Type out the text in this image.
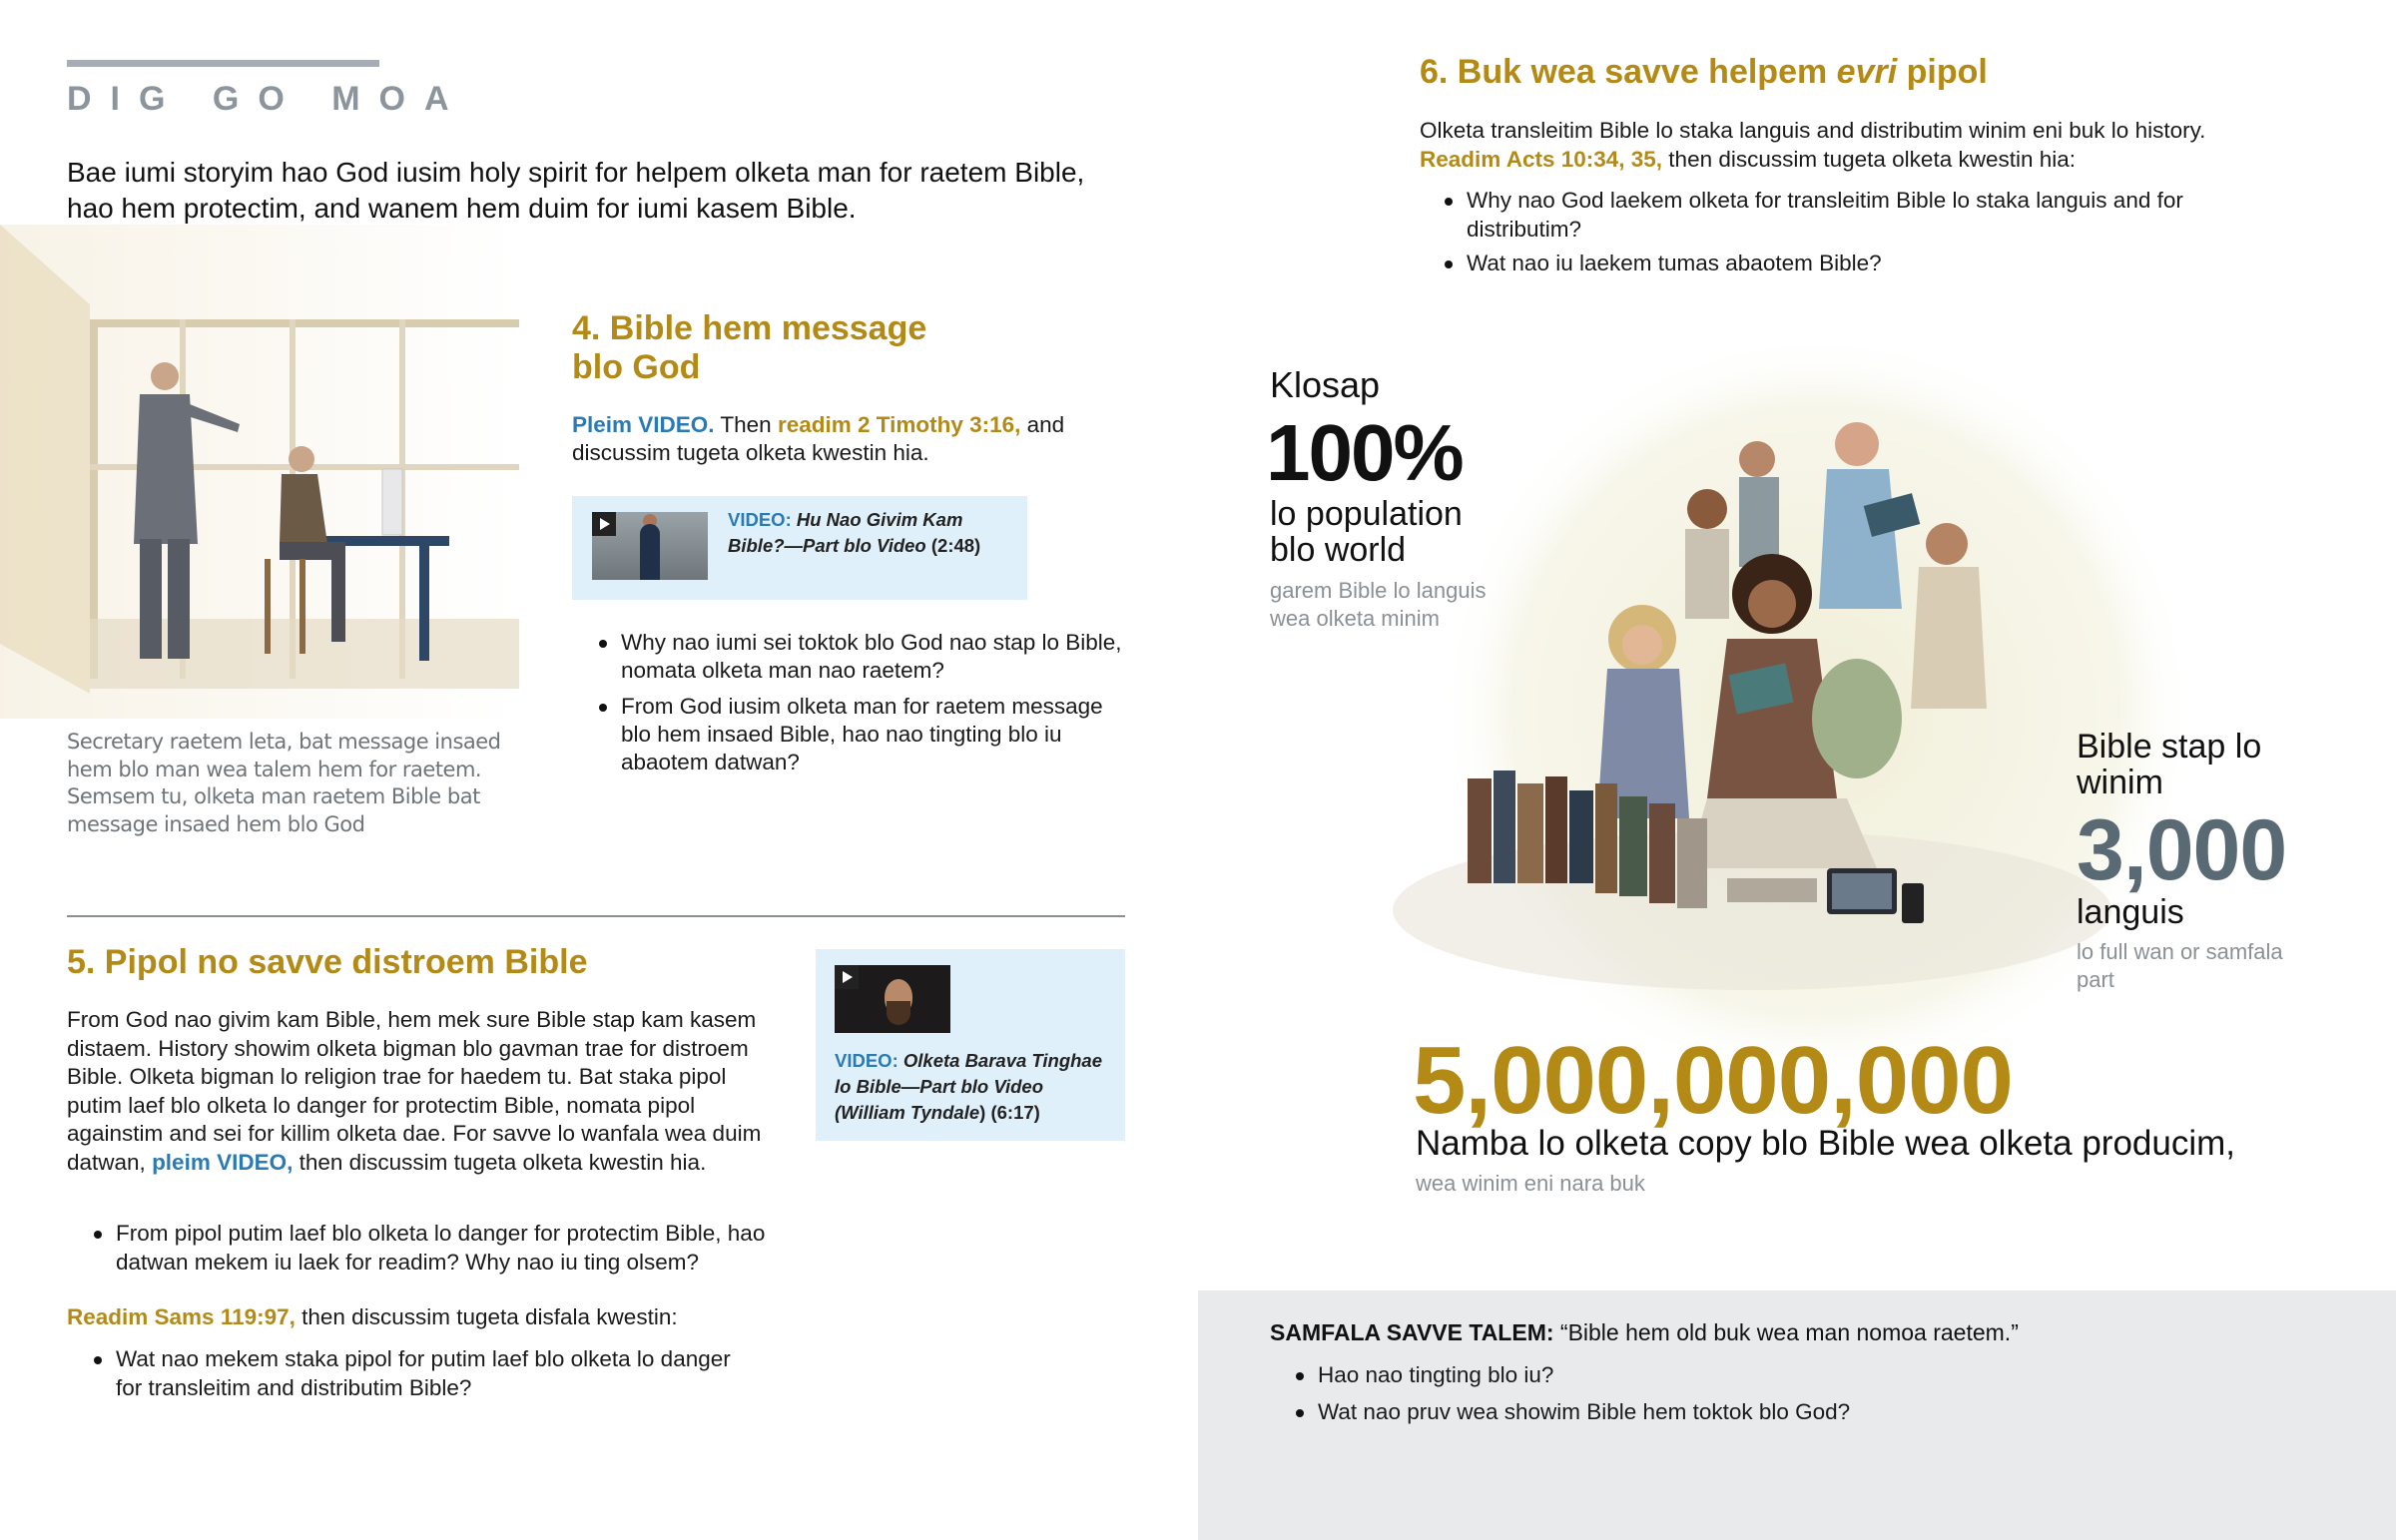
DIG GO MOA
Bae iumi storyim hao God iusim holy spirit for helpem olketa man for raetem Bible, hao hem protectim, and wanem hem duim for iumi kasem Bible.
Secretary raetem leta, bat message insaed hem blo man wea talem hem for raetem. Semsem tu, olketa man raetem Bible bat message insaed hem blo God
4. Bible hem message blo God
Pleim VIDEO. Then readim 2 Timothy 3:16, and discussim tugeta olketa kwestin hia.
VIDEO: Hu Nao Givim Kam Bible?—Part blo Video (2:48)
Why nao iumi sei toktok blo God nao stap lo Bible, nomata olketa man nao raetem?
From God iusim olketa man for raetem message blo hem insaed Bible, hao nao tingting blo iu abaotem datwan?
5. Pipol no savve distroem Bible
From God nao givim kam Bible, hem mek sure Bible stap kam kasem distaem. History showim olketa bigman blo gavman trae for distroem Bible. Olketa bigman lo religion trae for haedem tu. Bat staka pipol putim laef blo olketa lo danger for protectim Bible, nomata pipol againstim and sei for killim olketa dae. For savve lo wanfala wea duim datwan, pleim VIDEO, then discussim tugeta olketa kwestin hia.
VIDEO: Olketa Barava Tinghae lo Bible—Part blo Video (William Tyndale) (6:17)
From pipol putim laef blo olketa lo danger for protectim Bible, hao datwan mekem iu laek for readim? Why nao iu ting olsem?
Readim Sams 119:97, then discussim tugeta disfala kwestin:
Wat nao mekem staka pipol for putim laef blo olketa lo danger for transleitim and distributim Bible?
6. Buk wea savve helpem evri pipol
Olketa transleitim Bible lo staka languis and distributim winim eni buk lo history.
Readim Acts 10:34, 35, then discussim tugeta olketa kwestin hia:
Why nao God laekem olketa for transleitim Bible lo staka languis and for distributim?
Wat nao iu laekem tumas abaotem Bible?
Klosap
100%
lo population blo world
garem Bible lo languis wea olketa minim
Bible stap lo winim
3,000
languis
lo full wan or samfala part
5,000,000,000
Namba lo olketa copy blo Bible wea olketa producim,
wea winim eni nara buk
SAMFALA SAVVE TALEM: “Bible hem old buk wea man nomoa raetem.”
Hao nao tingting blo iu?
Wat nao pruv wea showim Bible hem toktok blo God?
